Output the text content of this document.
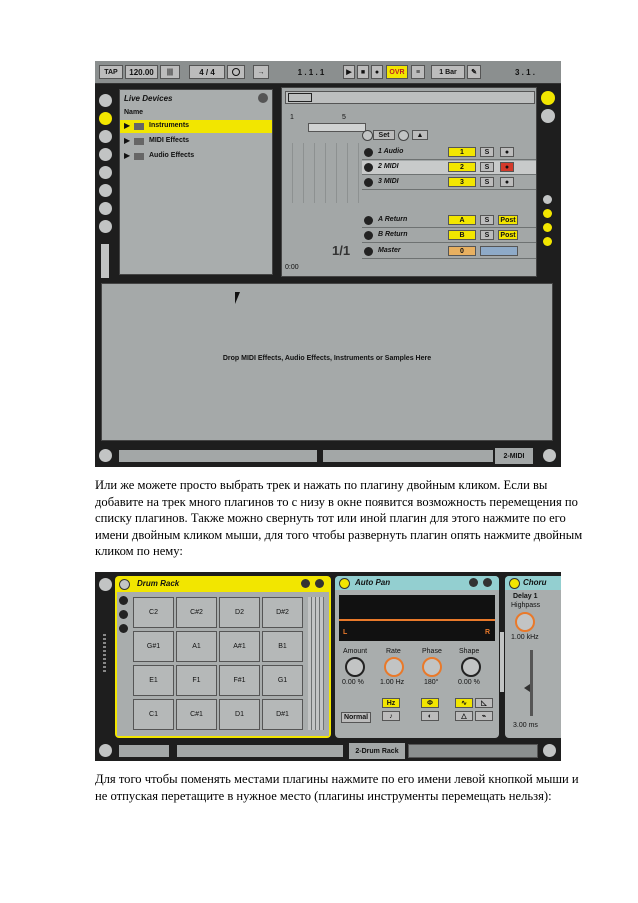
TAP	120.00	|||	4 / 4	→	1 . 1 . 1	▶	■	●	OVR	≡	1 Bar	✎	3 . 1 .
Live Devices
Name
▶	Instruments
▶	MIDI Effects
▶	Audio Effects
1	5
Set	▲
1 Audio	1	S	●
2 MIDI	2	S	●
3 MIDI	3	S	●
A Return	A	S	Post
B Return	B	S	Post
1/1	Master	0
0:00
Drop MIDI Effects, Audio Effects, Instruments or Samples Here
2-MIDI
Или же можете просто выбрать трек и нажать по плагину двойным кликом. Если вы
добавите на трек много плагинов то с низу в окне появится возможность перемещения по
списку плагинов. Также можно свернуть тот или иной плагин для этого нажмите по его
имени двойным кликом мыши, для того чтобы развернуть плагин опять нажмите двойным
кликом по нему:
Drum Rack
C2	C#2	D2	D#2
G#1	A1	A#1	B1
E1	F1	F#1	G1
C1	C#1	D1	D#1
Auto Pan
L	R
Amount
0.00 %
Rate
1.00 Hz
Phase
180°
Shape
0.00 %
Hz
♪
Φ
◐
∿	◺
△	⌁
Normal
Choru
Delay 1
Highpass
1.00 kHz
3.00 ms
2-Drum Rack
Для того чтобы поменять местами плагины нажмите по его имени левой кнопкой мыши и
не отпуская перетащите в нужное место (плагины инструменты перемещать нельзя):
